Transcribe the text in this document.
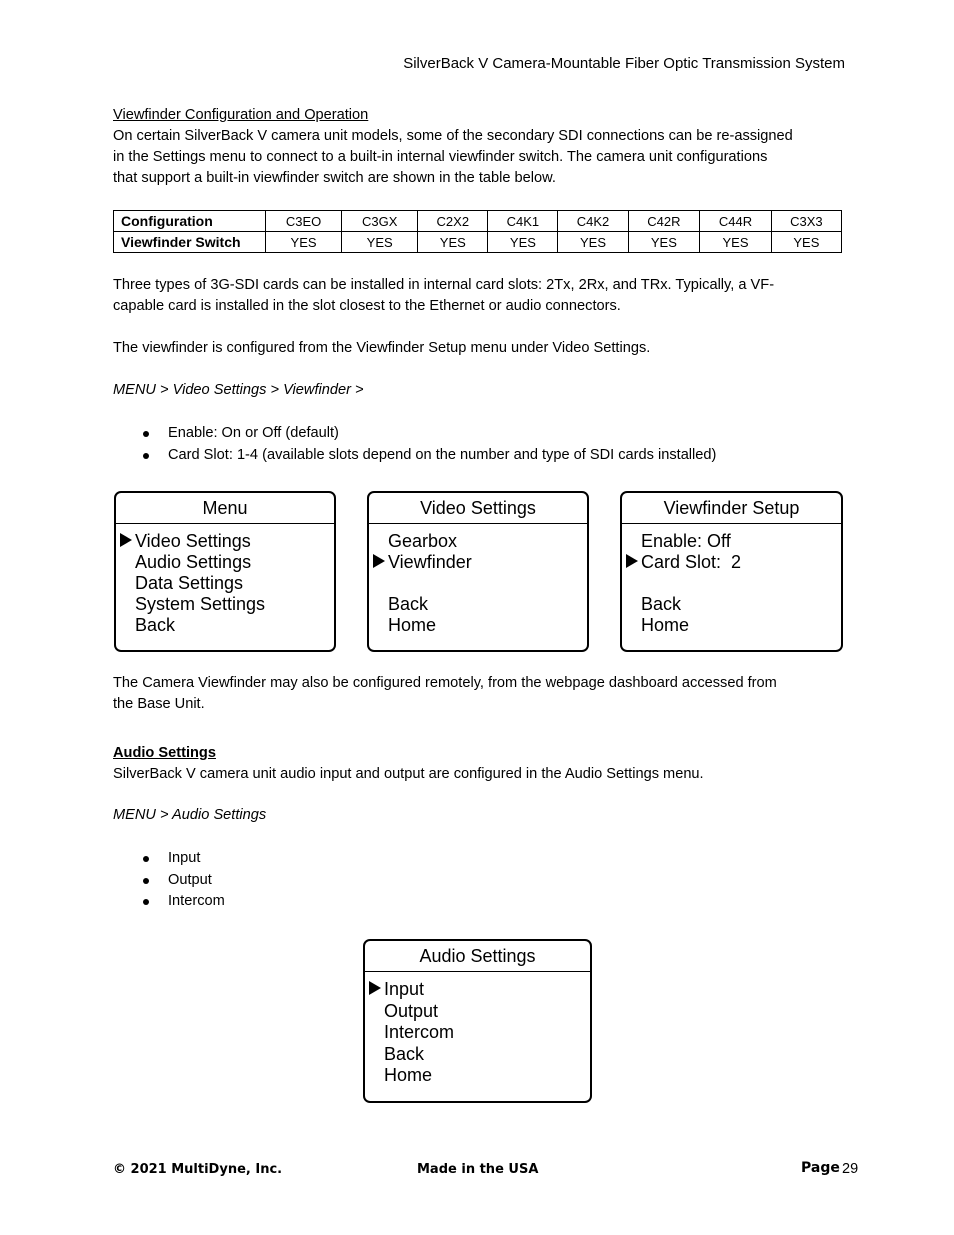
SilverBack V Camera-Mountable Fiber Optic Transmission System
Viewfinder Configuration and Operation
On certain SilverBack V camera unit models, some of the secondary SDI connections can be re-assigned
in the Settings menu to connect to a built-in internal viewfinder switch. The camera unit configurations
that support a built-in viewfinder switch are shown in the table below.
Configuration	C3EO	C3GX	C2X2	C4K1	C4K2	C42R	C44R	C3X3
Viewfinder Switch	YES	YES	YES	YES	YES	YES	YES	YES
Three types of 3G-SDI cards can be installed in internal card slots: 2Tx, 2Rx, and TRx. Typically, a VF-
capable card is installed in the slot closest to the Ethernet or audio connectors.
The viewfinder is configured from the Viewfinder Setup menu under Video Settings.
MENU > Video Settings > Viewfinder >
Enable: On or Off (default)
Card Slot: 1-4 (available slots depend on the number and type of SDI cards installed)
Menu
Video Settings
Audio Settings
Data Settings
System Settings
Back
Video Settings
Gearbox
Viewfinder
Back
Home
Viewfinder Setup
Enable: Off
Card Slot:  2
Back
Home
The Camera Viewfinder may also be configured remotely, from the webpage dashboard accessed from
the Base Unit.
Audio Settings
SilverBack V camera unit audio input and output are configured in the Audio Settings menu.
MENU > Audio Settings
Input
Output
Intercom
Audio Settings
Input
Output
Intercom
Back
Home
© 2021 MultiDyne, Inc.	Made in the USA	Page 29
